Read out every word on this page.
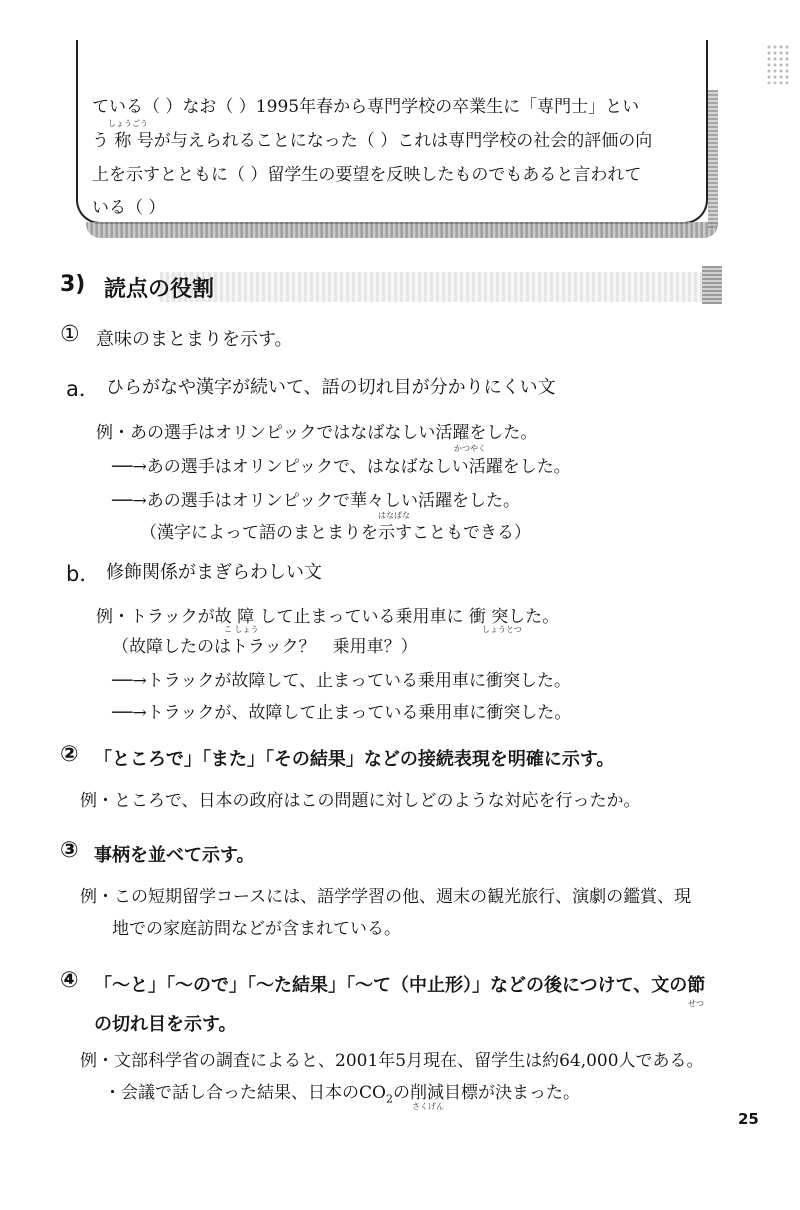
ている（ ）なお（ ）1995年春から専門学校の卒業生に「専門士」とい
しょうごう
う 称 号が与えられることになった（ ）これは専門学校の社会的評価の向
上を示すとともに（ ）留学生の要望を反映したものでもあると言われて
いる（ ）
3) 読点の役割
① 意味のまとまりを示す。
a． ひらがなや漢字が続いて、語の切れ目が分かりにくい文
例・あの選手はオリンピックではなばなしい活躍をした。
かつやく
──→あの選手はオリンピックで、はなばなしい活躍をした。
──→あの選手はオリンピックで華々しい活躍をした。
はなばな
（漢字によって語のまとまりを示すこともできる）
b． 修飾関係がまぎらわしい文
例・トラックが故 障 して止まっている乗用車に 衝 突した。
こ しょう	しょうとつ
（故障したのはトラック？　乗用車？）
──→トラックが故障して、止まっている乗用車に衝突した。
──→トラックが、故障して止まっている乗用車に衝突した。
② 「ところで」「また」「その結果」などの接続表現を明確に示す。
例・ところで、日本の政府はこの問題に対しどのような対応を行ったか。
③ 事柄を並べて示す。
例・この短期留学コースには、語学学習の他、週末の観光旅行、演劇の鑑賞、現
地での家庭訪問などが含まれている。
④ 「～と」「～ので」「～た結果」「～て（中止形）」などの後につけて、文の節
せつ
の切れ目を示す。
例・文部科学省の調査によると、2001年5月現在、留学生は約64,000人である。
・会議で話し合った結果、日本の$CO_2$の削減目標が決まった。
さくげん
25
